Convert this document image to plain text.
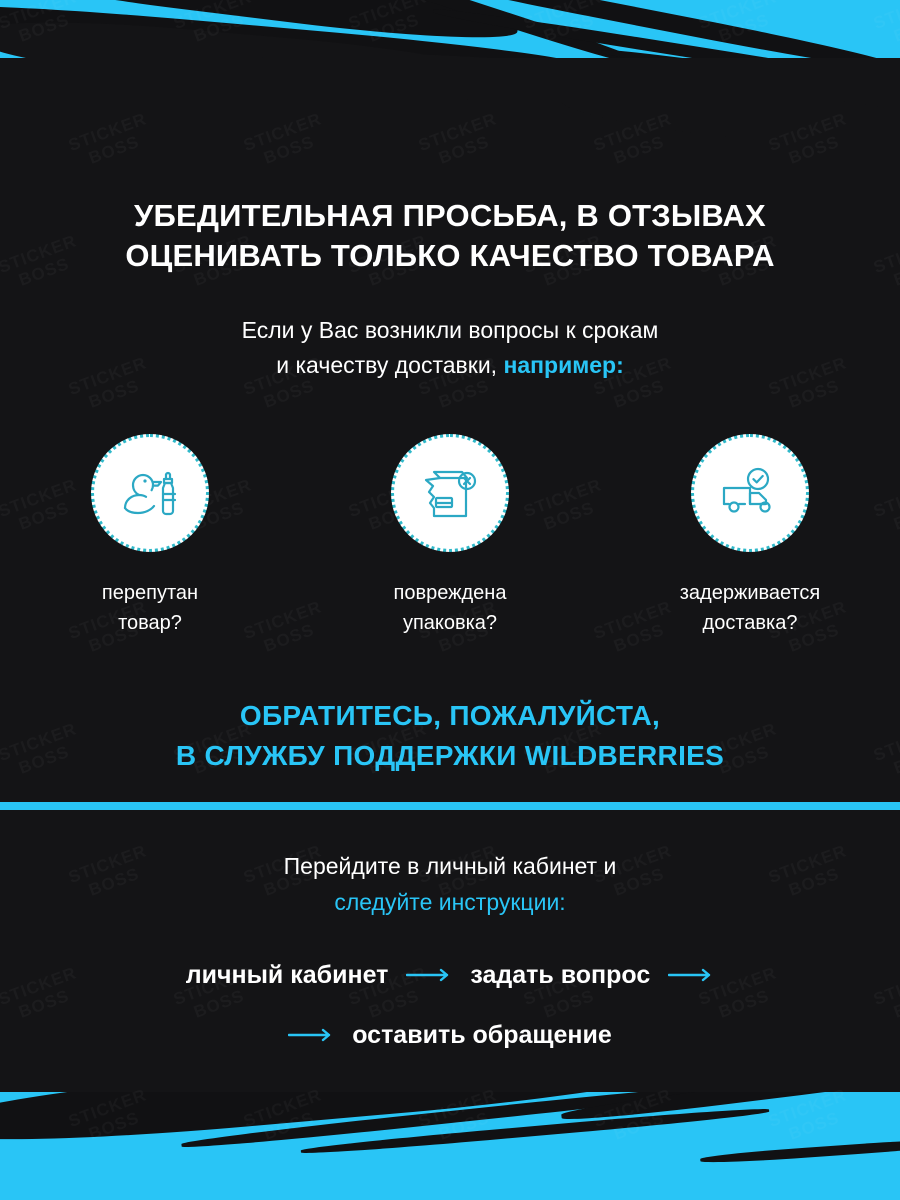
УБЕДИТЕЛЬНАЯ ПРОСЬБА, В ОТЗЫВАХ
ОЦЕНИВАТЬ ТОЛЬКО КАЧЕСТВО ТОВАРА
Если у Вас возникли вопросы к срокам
и качеству доставки, например:
перепутан
товар?
повреждена
упаковка?
задерживается
доставка?
ОБРАТИТЕСЬ, ПОЖАЛУЙСТА,
В СЛУЖБУ ПОДДЕРЖКИ WILDBERRIES
Перейдите в личный кабинет и
следуйте инструкции:
личный кабинет	задать вопрос
оставить обращение
